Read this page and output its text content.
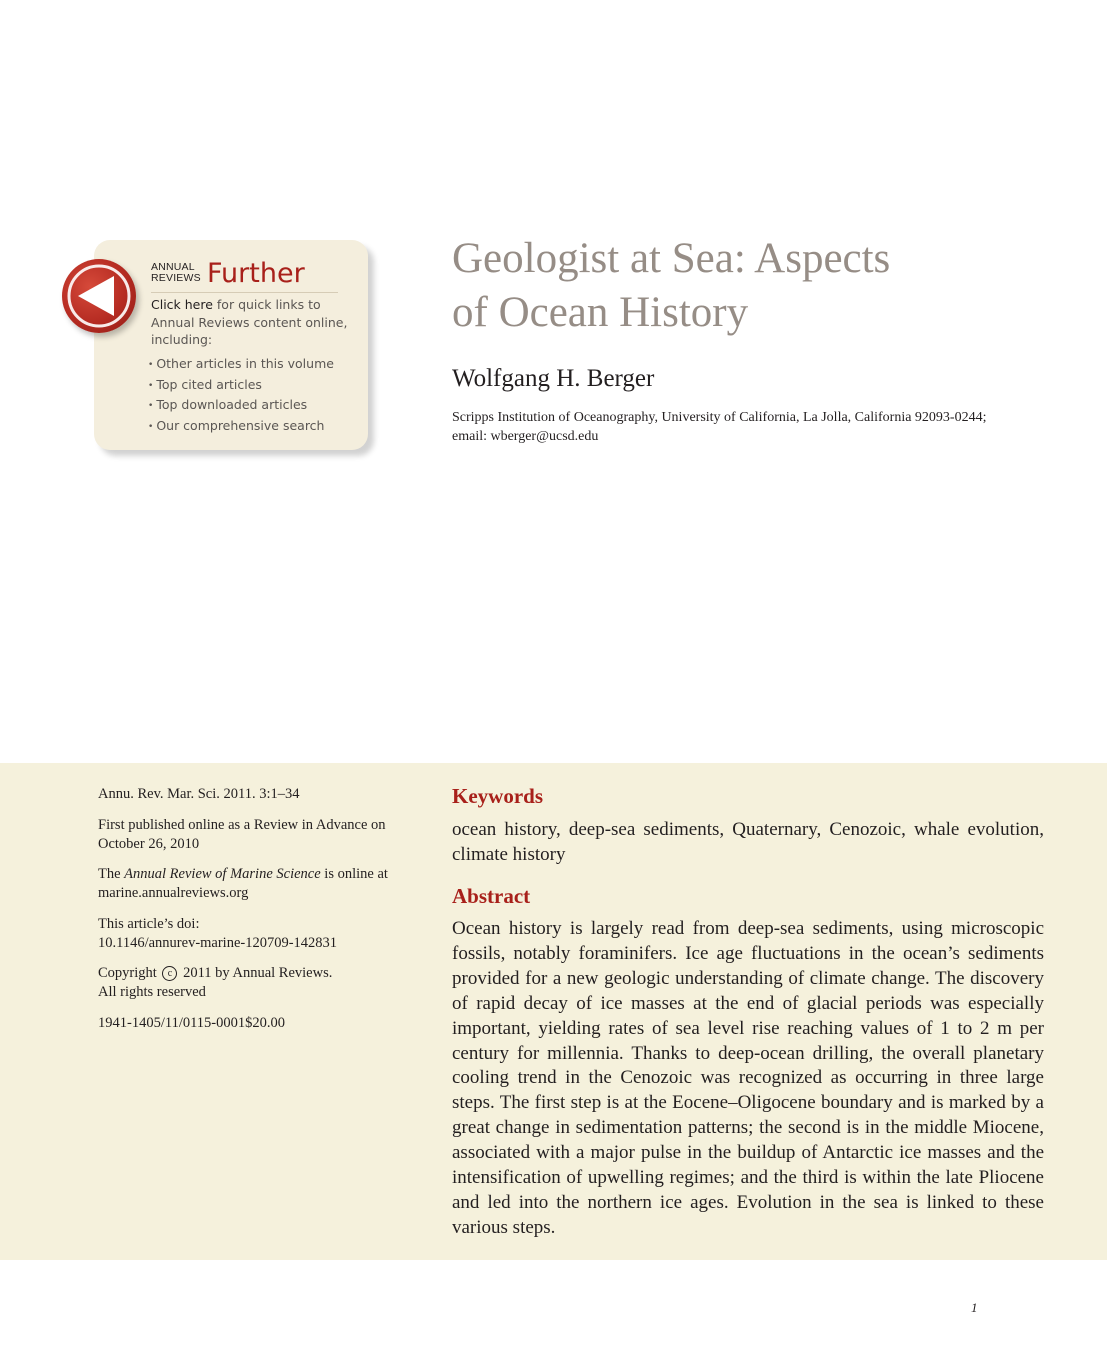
ANNUAL
REVIEWS Further
Click here for quick links to Annual Reviews content online, including:
• Other articles in this volume
• Top cited articles
• Top downloaded articles
• Our comprehensive search
Geologist at Sea: Aspects
of Ocean History
Wolfgang H. Berger
Scripps Institution of Oceanography, University of California, La Jolla, California 92093-0244;
email: wberger@ucsd.edu

Annu. Rev. Mar. Sci. 2011. 3:1–34

First published online as a Review in Advance on October 26, 2010

The Annual Review of Marine Science is online at marine.annualreviews.org

This article’s doi:
10.1146/annurev-marine-120709-142831

Copyright c 2011 by Annual Reviews.
All rights reserved

1941-1405/11/0115-0001$20.00

Keywords
ocean history, deep-sea sediments, Quaternary, Cenozoic, whale evolution, climate history
Abstract

Ocean history is largely read from deep-sea sediments, using microscopic fossils, notably foraminifers. Ice age fluctuations in the ocean’s sediments provided for a new geologic understanding of climate change. The discovery of rapid decay of ice masses at the end of glacial periods was especially important, yielding rates of sea level rise reaching values of 1 to 2 m per century for millennia. Thanks to deep-ocean drilling, the overall planetary cooling trend in the Cenozoic was recognized as occurring in three large steps. The first step is at the Eocene–Oligocene boundary and is marked by a great change in sedimentation patterns; the second is in the middle Miocene, associated with a major pulse in the buildup of Antarctic ice masses and the intensification of upwelling regimes; and the third is within the late Pliocene and led into the northern ice ages. Evolution in the sea is linked to these various steps.

1
